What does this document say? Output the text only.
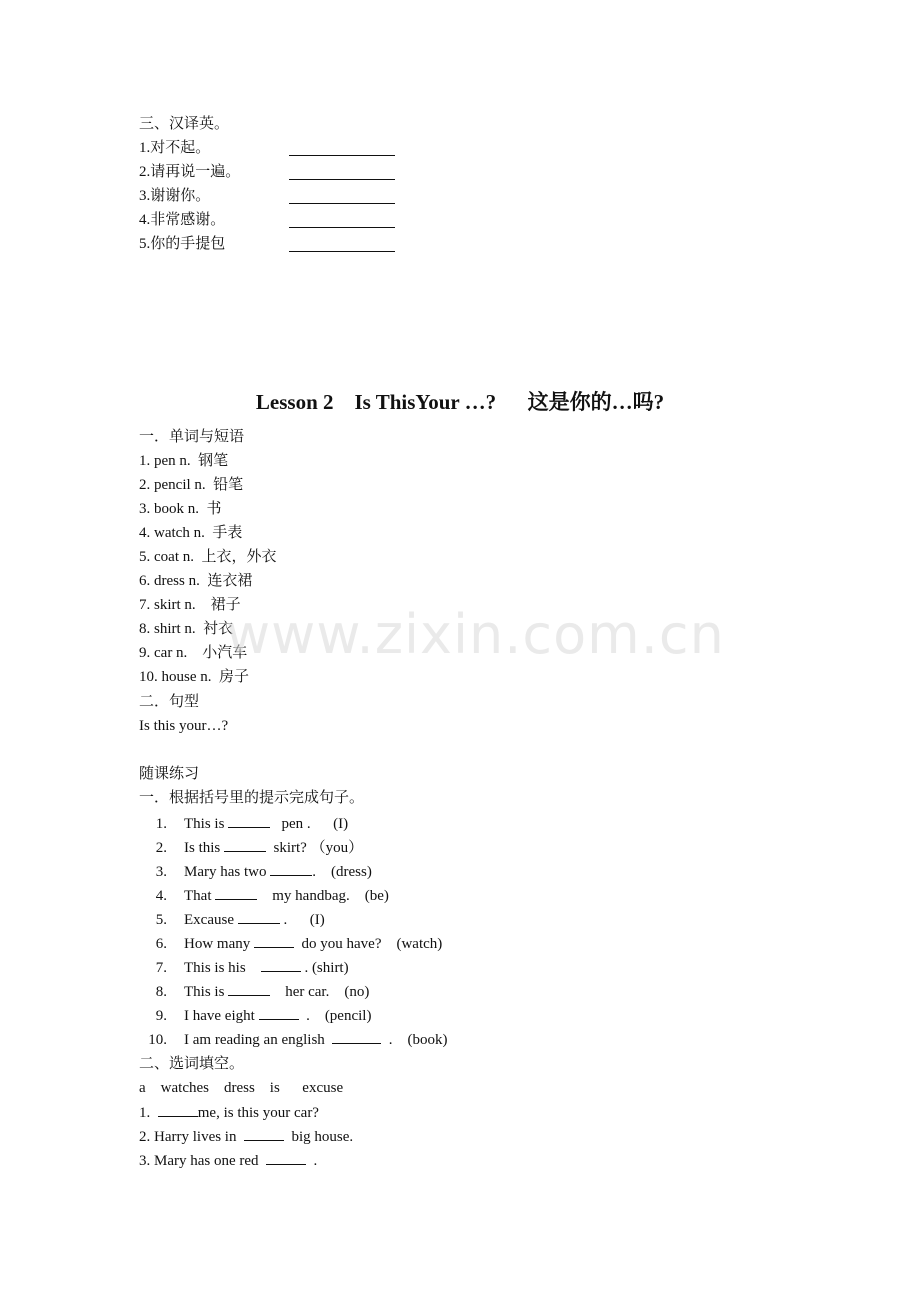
三、汉译英。
1.对不起。
2.请再说一遍。
3.谢谢你。
4.非常感谢。
5.你的手提包
Lesson 2    Is ThisYour …?      这是你的…吗?
一．单词与短语
1. pen n.  钢笔
2. pencil n.  铅笔
3. book n.  书
4. watch n.  手表
5. coat n.  上衣，外衣
6. dress n.  连衣裙
7. skirt n.    裙子
8. shirt n.  衬衣
9. car n.    小汽车
10. house n.  房子
二．句型
Is this your…?
随课练习
一．根据括号里的提示完成句子。
1. This is	pen .      (I)
2. Is this	skirt? （you）
3. Mary has two	.    (dress)
4. That	my handbag.    (be)
5. Excause	.      (I)
6. How many	do you have?    (watch)
7. This is his	. (shirt)
8. This is	her car.    (no)
9. I have eight	.    (pencil)
10. I am reading an english	.    (book)
二、选词填空。
a    watches    dress    is      excuse
1.	me, is this your car?
2. Harry lives in	big house.
3. Mary has one red	.
www.zixin.com.cn
